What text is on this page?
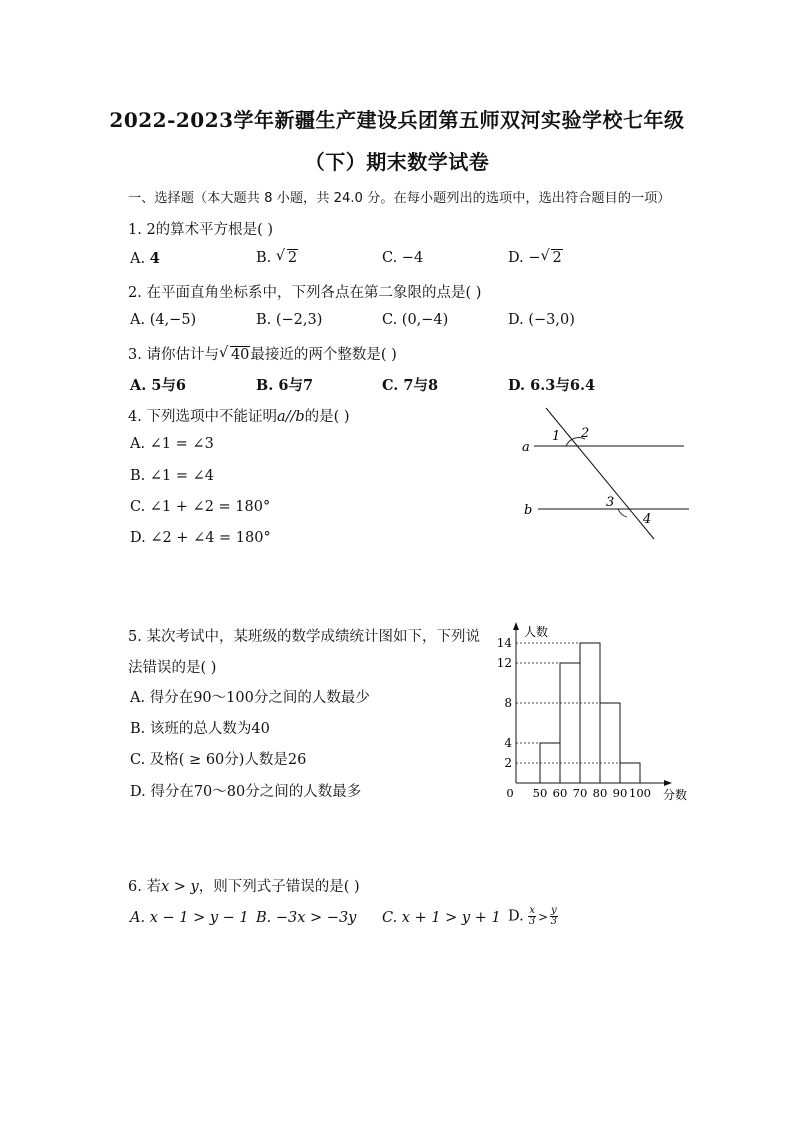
2022-2023学年新疆生产建设兵团第五师双河实验学校七年级
（下）期末数学试卷
一、选择题（本大题共 8 小题，共 24.0 分。在每小题列出的选项中，选出符合题目的一项）
1. 2的算术平方根是( )
A. 4	B. √ 2	C. −4	D. − √ 2
2. 在平面直角坐标系中，下列各点在第二象限的点是( )
A. (4,−5)	B. (−2,3)	C. (0,−4)	D. (−3,0)
3. 请你估计与 √ 40最接近的两个整数是( )
A. 5与6	B. 6与7	C. 7与8	D. 6.3与6.4
4. 下列选项中不能证明a//b的是( )
A. ∠1 = ∠3
B. ∠1 = ∠4
C. ∠1 + ∠2 = 180°
D. ∠2 + ∠4 = 180°
a
b
1 2
3
4
5. 某次考试中，某班级的数学成绩统计图如下，下列说
法错误的是( )
A. 得分在90～100分之间的人数最少
B. 该班的总人数为40
C. 及格( ≥ 60分)人数是26
D. 得分在70～80分之间的人数最多
2
4
8
12
14
0 50 60 70 80 90 100
人数
分数
6. 若x > y，则下列式子错误的是( )
A. x − 1 > y − 1 B. −3x > −3y C. x + 1 > y + 1 D. $\frac{x}{3} > \frac{y}{3}$
